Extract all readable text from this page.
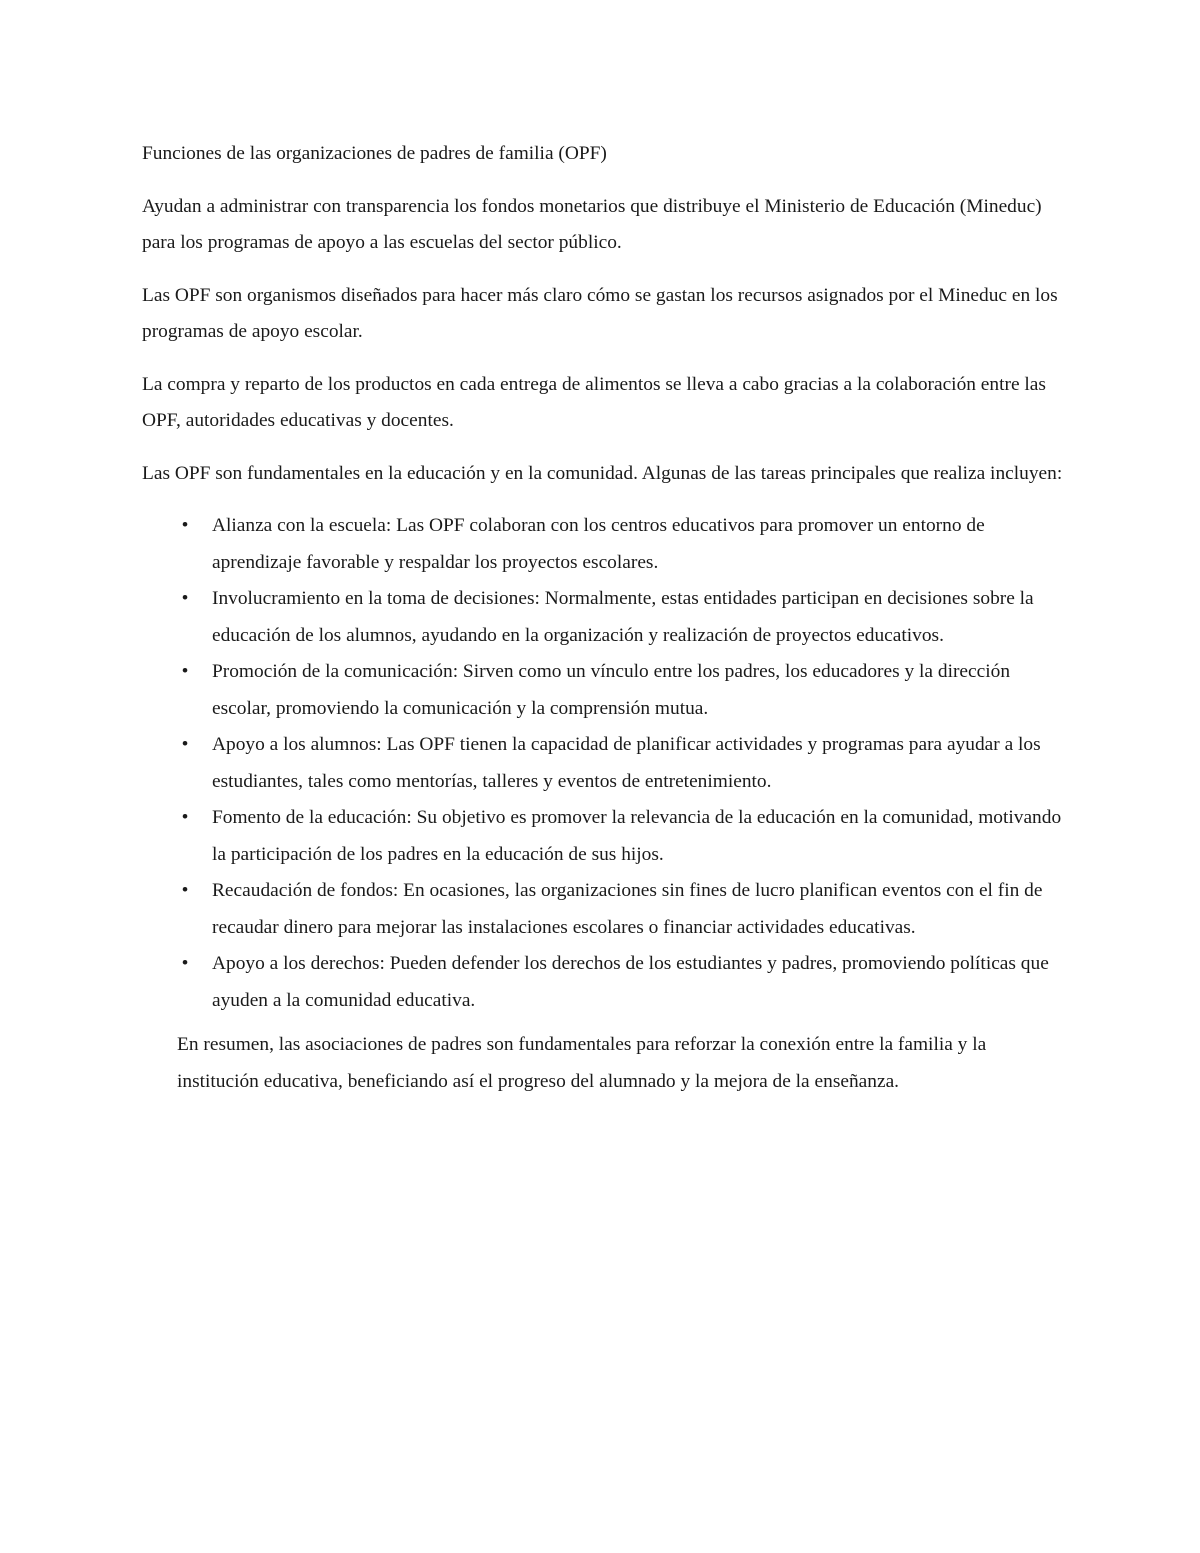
Funciones de las organizaciones de padres de familia (OPF)

Ayudan a administrar con transparencia los fondos monetarios que distribuye el Ministerio de Educación (Mineduc) para los programas de apoyo a las escuelas del sector público.

Las OPF son organismos diseñados para hacer más claro cómo se gastan los recursos asignados por el Mineduc en los programas de apoyo escolar.

La compra y reparto de los productos en cada entrega de alimentos se lleva a cabo gracias a la colaboración entre las OPF, autoridades educativas y docentes.

Las OPF son fundamentales en la educación y en la comunidad. Algunas de las tareas principales que realiza incluyen:

•	Alianza con la escuela: Las OPF colaboran con los centros educativos para promover un entorno de aprendizaje favorable y respaldar los proyectos escolares.
•	Involucramiento en la toma de decisiones: Normalmente, estas entidades participan en decisiones sobre la educación de los alumnos, ayudando en la organización y realización de proyectos educativos.
•	Promoción de la comunicación: Sirven como un vínculo entre los padres, los educadores y la dirección escolar, promoviendo la comunicación y la comprensión mutua.
•	Apoyo a los alumnos: Las OPF tienen la capacidad de planificar actividades y programas para ayudar a los estudiantes, tales como mentorías, talleres y eventos de entretenimiento.
•	Fomento de la educación: Su objetivo es promover la relevancia de la educación en la comunidad, motivando la participación de los padres en la educación de sus hijos.
•	Recaudación de fondos: En ocasiones, las organizaciones sin fines de lucro planifican eventos con el fin de recaudar dinero para mejorar las instalaciones escolares o financiar actividades educativas.
•	Apoyo a los derechos: Pueden defender los derechos de los estudiantes y padres, promoviendo políticas que ayuden a la comunidad educativa.

En resumen, las asociaciones de padres son fundamentales para reforzar la conexión entre la familia y la institución educativa, beneficiando así el progreso del alumnado y la mejora de la enseñanza.
